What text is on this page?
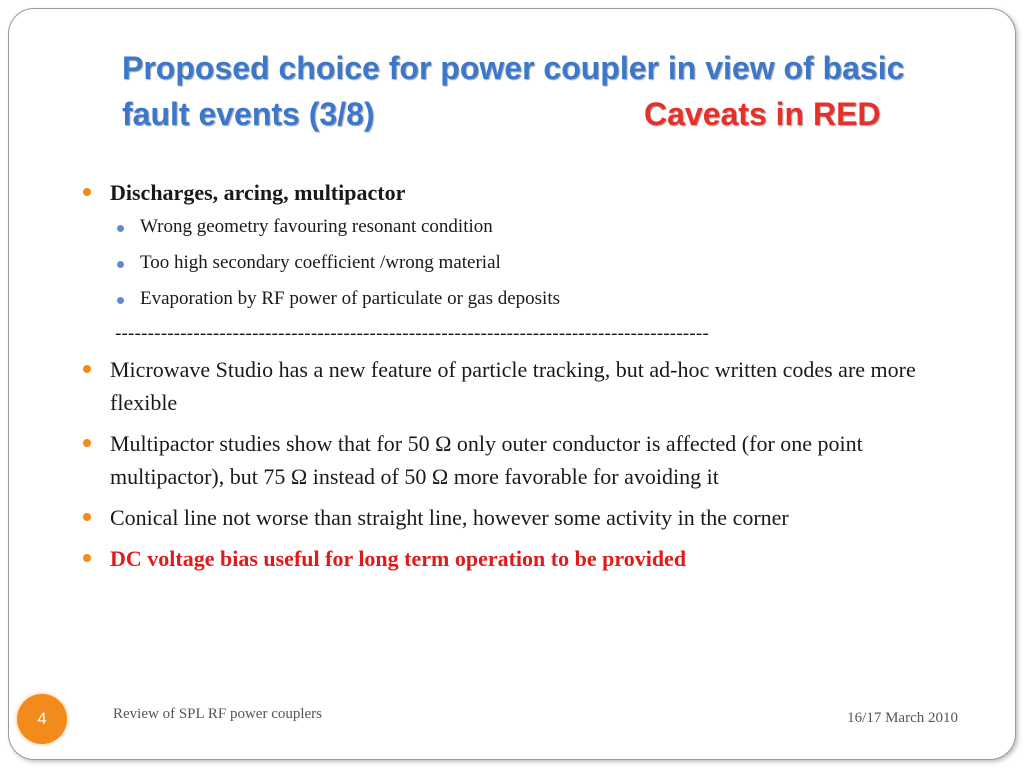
Proposed choice for power coupler in view of basic
fault events (3/8)	Caveats in RED
Discharges, arcing, multipactor
Wrong geometry favouring resonant condition
Too high secondary coefficient /wrong material
Evaporation by RF power of particulate or gas deposits
-------------------------------------------------------------------------------------------
Microwave Studio has a new feature of particle tracking, but ad-hoc written codes are more flexible
Multipactor studies show that for 50 Ω only outer conductor is affected (for one point multipactor), but 75 Ω instead of 50 Ω more favorable for avoiding it
Conical line not worse than straight line, however some activity in the corner
DC voltage bias useful for long term operation to be provided
4	Review of SPL RF power couplers	16/17 March 2010
